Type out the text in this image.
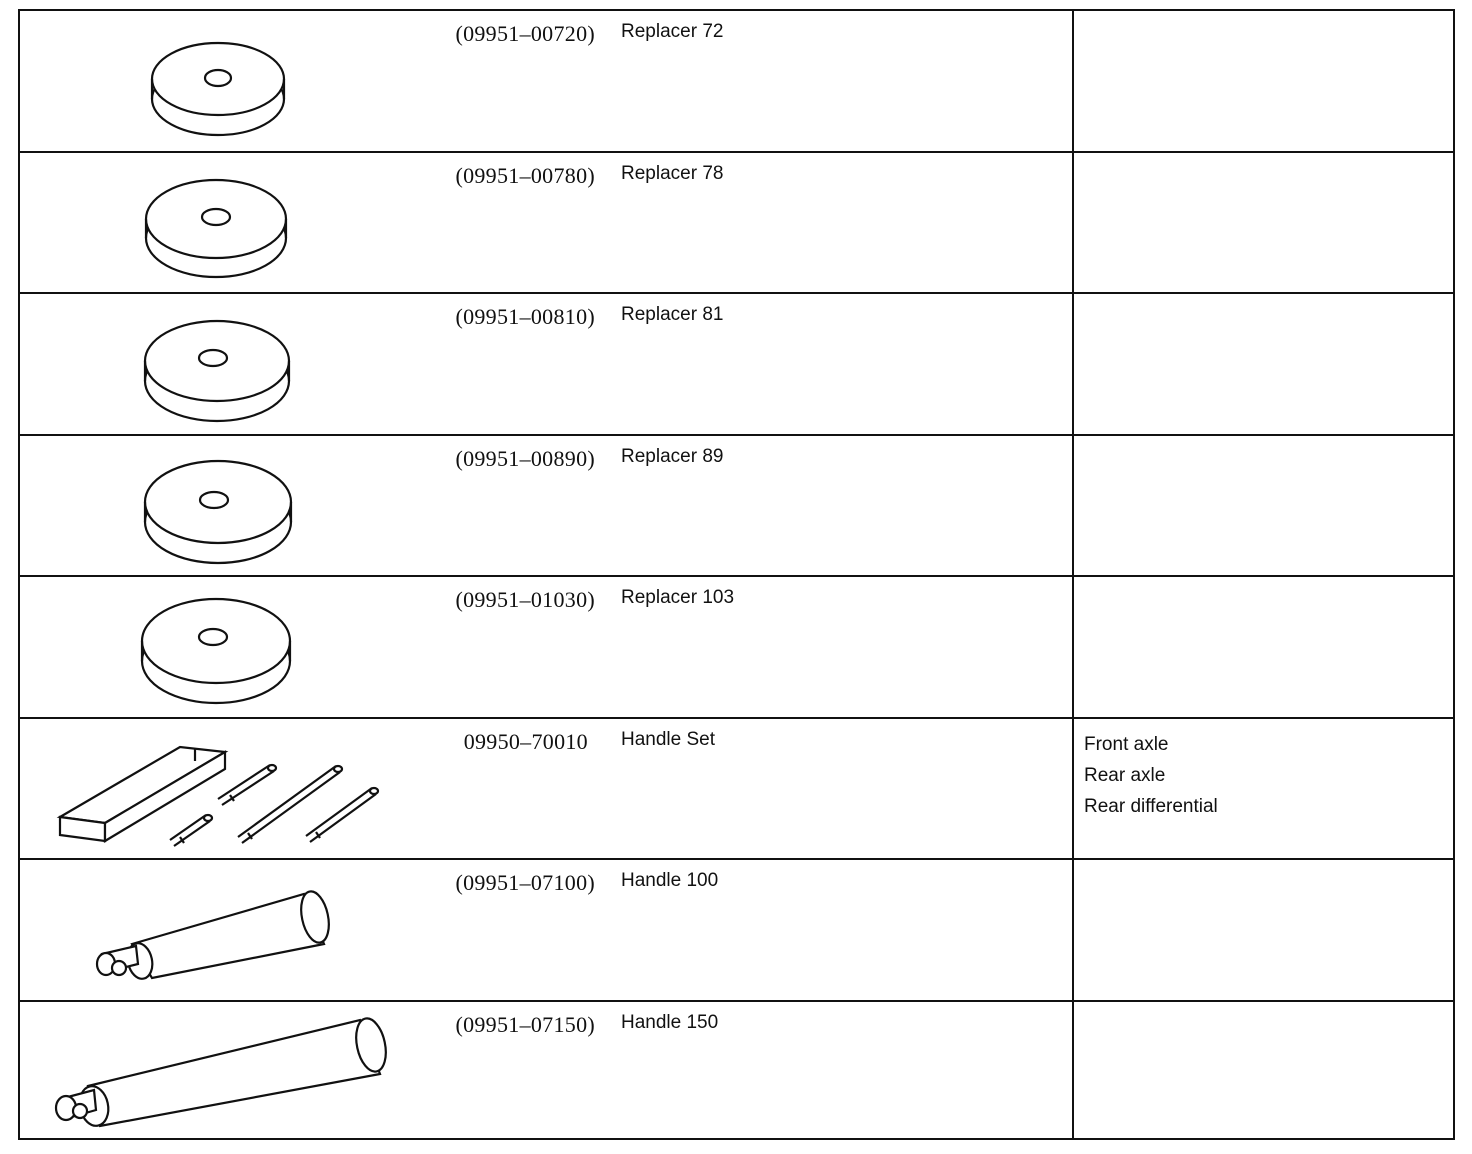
(09951–00720) Replacer 72
(09951–00780) Replacer 78
(09951–00810) Replacer 81
(09951–00890) Replacer 89
(09951–01030) Replacer 103
09950–70010 Handle Set	Front axle
Rear axle
Rear differential
(09951–07100) Handle 100
(09951–07150) Handle 150
